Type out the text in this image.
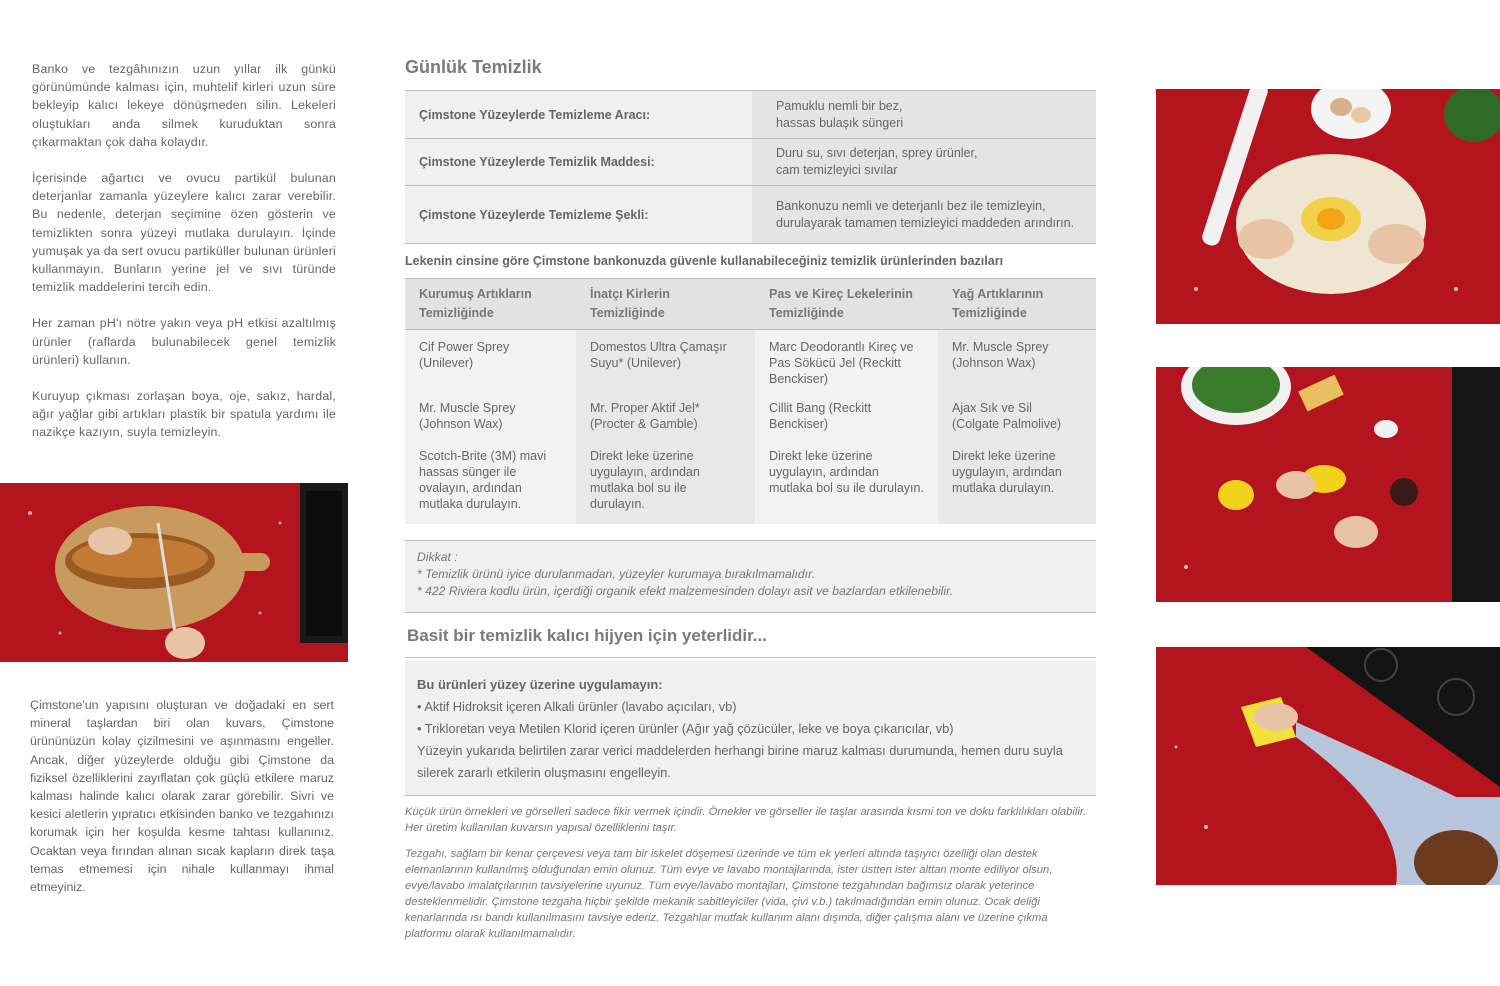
Banko ve tezgâhınızın uzun yıllar ilk günkü görünümünde kalması için, muhtelif kirleri uzun süre bekleyip kalıcı lekeye dönüşmeden silin. Lekeleri oluştukları anda silmek kuruduktan sonra çıkarmaktan çok daha kolaydır.

İçerisinde ağartıcı ve ovucu partikül bulunan deterjanlar zamanla yüzeylere kalıcı zarar verebilir. Bu nedenle, deterjan seçimine özen gösterin ve temizlikten sonra yüzeyi mutlaka durulayın. İçinde yumuşak ya da sert ovucu partiküller bulunan ürünleri kullanmayın. Bunların yerine jel ve sıvı türünde temizlik maddelerini tercih edin.

Her zaman pH'ı nötre yakın veya pH etkisi azaltılmış ürünler (raflarda bulunabilecek genel temizlik ürünleri) kullanın.

Kuruyup çıkması zorlaşan boya, oje, sakız, hardal, ağır yağlar gibi artıkları plastik bir spatula yardımı ile nazikçe kazıyın, suyla temizleyin.

Çimstone'un yapısını oluşturan ve doğadaki en sert mineral taşlardan biri olan kuvars, Çimstone ürününüzün kolay çizilmesini ve aşınmasını engeller. Ancak, diğer yüzeylerde olduğu gibi Çimstone da fiziksel özelliklerini zayıflatan çok güçlü etkilere maruz kalması halinde kalıcı olarak zarar görebilir. Sivri ve kesici aletlerin yıpratıcı etkisinden banko ve tezgahınızı korumak için her koşulda kesme tahtası kullanınız. Ocaktan veya fırından alınan sıcak kapların direk taşa temas etmemesi için nihale kullanmayı ihmal etmeyiniz.

Günlük Temizlik
Çimstone Yüzeylerde Temizleme Aracı:	Pamuklu nemli bir bez,
hassas bulaşık süngeri
Çimstone Yüzeylerde Temizlik Maddesi:	Duru su, sıvı deterjan, sprey ürünler,
cam temizleyici sıvılar
Çimstone Yüzeylerde Temizleme Şekli:	Bankonuzu nemli ve deterjanlı bez ile temizleyin,
durulayarak tamamen temizleyici maddeden arındırın.
Lekenin cinsine göre Çimstone bankonuzda güvenle kullanabileceğiniz temizlik ürünlerinden bazıları
Kurumuş Artıkların Temizliğinde	İnatçı Kirlerin Temizliğinde	Pas ve Kireç Lekelerinin Temizliğinde	Yağ Artıklarının Temizliğinde
Cif Power Sprey (Unilever)	Domestos Ultra Çamaşır Suyu* (Unilever)	Marc Deodorantlı Kireç ve Pas Sökücü Jel (Reckitt Benckiser)	Mr. Muscle Sprey (Johnson Wax)
Mr. Muscle Sprey (Johnson Wax)	Mr. Proper Aktif Jel* (Procter & Gamble)	Cillit Bang (Reckitt Benckiser)	Ajax Sık ve Sil (Colgate Palmolive)
Scotch-Brite (3M) mavi hassas sünger ile ovalayın, ardından mutlaka durulayın.	Direkt leke üzerine uygulayın, ardından mutlaka bol su ile durulayın.	Direkt leke üzerine uygulayın, ardından mutlaka bol su ile durulayın.	Direkt leke üzerine uygulayın, ardından mutlaka durulayın.

Dikkat :

* Temizlik ürünü iyice durulanmadan, yüzeyler kurumaya bırakılmamalıdır.

* 422 Riviera kodlu ürün, içerdiği organik efekt malzemesinden dolayı asit ve bazlardan etkilenebilir.

Basit bir temizlik kalıcı hijyen için yeterlidir...
Bu ürünleri yüzey üzerine uygulamayın:

• Aktif Hidroksit içeren Alkali ürünler (lavabo açıcıları, vb)

• Trikloretan veya Metilen Klorid içeren ürünler (Ağır yağ çözücüler, leke ve boya çıkarıcılar, vb)

Yüzeyin yukarıda belirtilen zarar verici maddelerden herhangi birine maruz kalması durumunda, hemen duru suyla silerek zararlı etkilerin oluşmasını engelleyin.

Küçük ürün örnekleri ve görselleri sadece fikir vermek içindir. Örnekler ve görseller ile taşlar arasında kısmi ton ve doku farklılıkları olabilir. Her üretim kullanılan kuvarsın yapısal özelliklerini taşır.

Tezgahı, sağlam bir kenar çerçevesi veya tam bir iskelet döşemesi üzerinde ve tüm ek yerleri altında taşıyıcı özelliği olan destek elemanlarının kullanılmış olduğundan emin olunuz. Tüm evye ve lavabo montajlarında, ister üstten ister alttan monte ediliyor olsun, evye/lavabo imalatçılarının tavsiyelerine uyunuz. Tüm evye/lavabo montajları, Çimstone tezgahından bağımsız olarak yeterince desteklenmelidir. Çimstone tezgaha hiçbir şekilde mekanik sabitleyiciler (vida, çivi v.b.) takılmadığından emin olunuz. Ocak deliği kenarlarında ısı bandı kullanılmasını tavsiye ederiz. Tezgahlar mutfak kullanım alanı dışında, diğer çalışma alanı ve üzerine çıkma platformu olarak kullanılmamalıdır.
